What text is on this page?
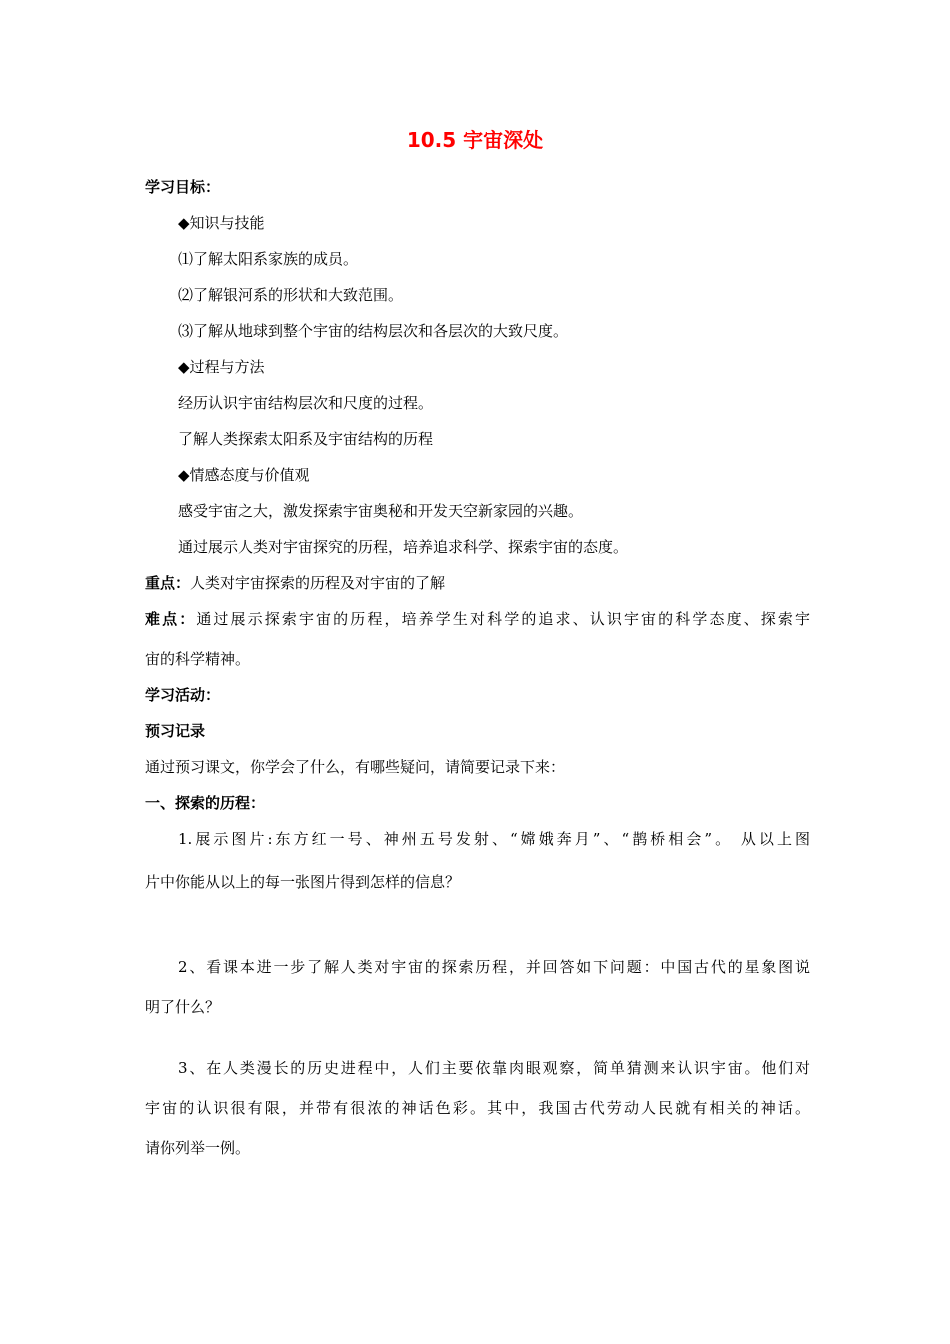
10.5 宇宙深处
学习目标：
◆知识与技能
⑴了解太阳系家族的成员。
⑵了解银河系的形状和大致范围。
⑶了解从地球到整个宇宙的结构层次和各层次的大致尺度。
◆过程与方法
经历认识宇宙结构层次和尺度的过程。
了解人类探索太阳系及宇宙结构的历程
◆情感态度与价值观
感受宇宙之大，激发探索宇宙奥秘和开发天空新家园的兴趣。
通过展示人类对宇宙探究的历程，培养追求科学、探索宇宙的态度。
重点：人类对宇宙探索的历程及对宇宙的了解
难点：通过展示探索宇宙的历程，培养学生对科学的追求、认识宇宙的科学态度、探索宇
宙的科学精神。
学习活动：
预习记录
通过预习课文，你学会了什么，有哪些疑问，请简要记录下来：
一、探索的历程：
1.展示图片:东方红一号、神州五号发射、“嫦娥奔月”、“鹊桥相会”。 从以上图
片中你能从以上的每一张图片得到怎样的信息？
2、看课本进一步了解人类对宇宙的探索历程，并回答如下问题：中国古代的星象图说
明了什么？
3、在人类漫长的历史进程中，人们主要依靠肉眼观察，简单猜测来认识宇宙。他们对
宇宙的认识很有限，并带有很浓的神话色彩。其中，我国古代劳动人民就有相关的神话。
请你列举一例。
